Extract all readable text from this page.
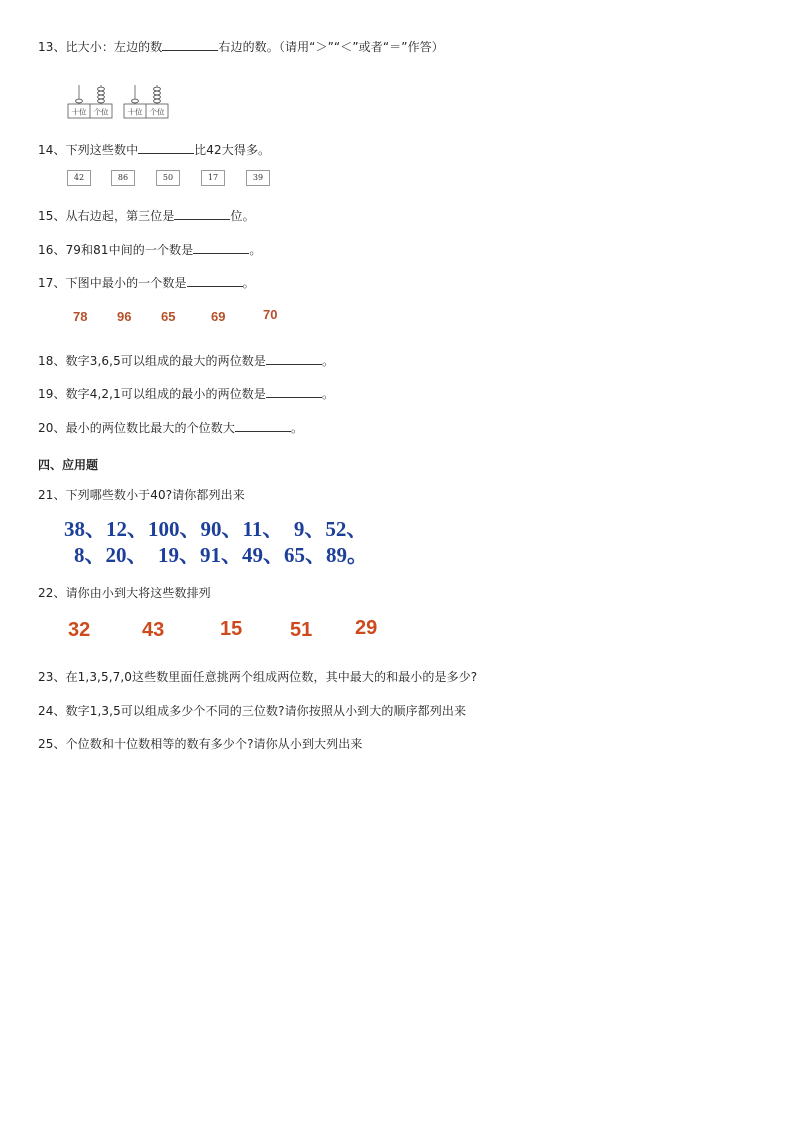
13、比大小：左边的数	右边的数。（请用“＞”“＜”或者“＝”作答）
十位 个位	十位 个位
14、下列这些数中	比42大得多。
42	86	50	17	39
15、从右边起，第三位是	位。
16、79和81中间的一个数是	。
17、下图中最小的一个数是	。
78 96 65	69	70
18、数字3,6,5可以组成的最大的两位数是	。
19、数字4,2,1可以组成的最小的两位数是	。
20、最小的两位数比最大的个位数大	。
四、应用题
21、下列哪些数小于40?请你都列出来
38、12、100、90、11、　9、52、
8、20、　19、91、49、65、89。
22、请你由小到大将这些数排列
32	43	15 51 29
23、在1,3,5,7,0这些数里面任意挑两个组成两位数，其中最大的和最小的是多少?
24、数字1,3,5可以组成多少个不同的三位数?请你按照从小到大的顺序都列出来
25、个位数和十位数相等的数有多少个?请你从小到大列出来
